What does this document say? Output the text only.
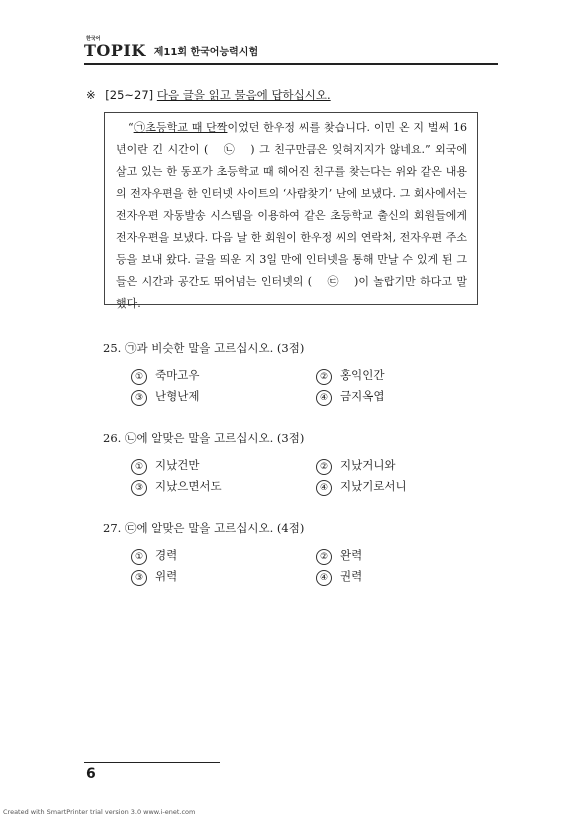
한국어
TOPIK 제11회 한국어능력시험
※ [25~27] 다음 글을 읽고 물음에 답하십시오.

“㉠초등학교 때 단짝이었던 한우정 씨를 찾습니다. 이민 온 지 벌써 16년이란 긴 시간이 ( ㉡ ) 그 친구만큼은 잊혀지지가 않네요.” 외국에 살고 있는 한 동포가 초등학교 때 헤어진 친구를 찾는다는 위와 같은 내용의 전자우편을 한 인터넷 사이트의 ‘사람찾기’ 난에 보냈다. 그 회사에서는 전자우편 자동발송 시스템을 이용하여 같은 초등학교 출신의 회원들에게 전자우편을 보냈다. 다음 날 한 회원이 한우정 씨의 연락처, 전자우편 주소 등을 보내 왔다. 글을 띄운 지 3일 만에 인터넷을 통해 만날 수 있게 된 그들은 시간과 공간도 뛰어넘는 인터넷의 ( ㉢ )이 놀랍기만 하다고 말했다.

25. ㉠과 비슷한 말을 고르십시오. (3점)
① 죽마고우	② 홍익인간
③ 난형난제	④ 금지옥엽
26. ㉡에 알맞은 말을 고르십시오. (3점)
① 지났건만	② 지났거니와
③ 지났으면서도	④ 지났기로서니
27. ㉢에 알맞은 말을 고르십시오. (4점)
① 경력	② 완력
③ 위력	④ 권력
6
Created with SmartPrinter trial version 3.0 www.i-enet.com
